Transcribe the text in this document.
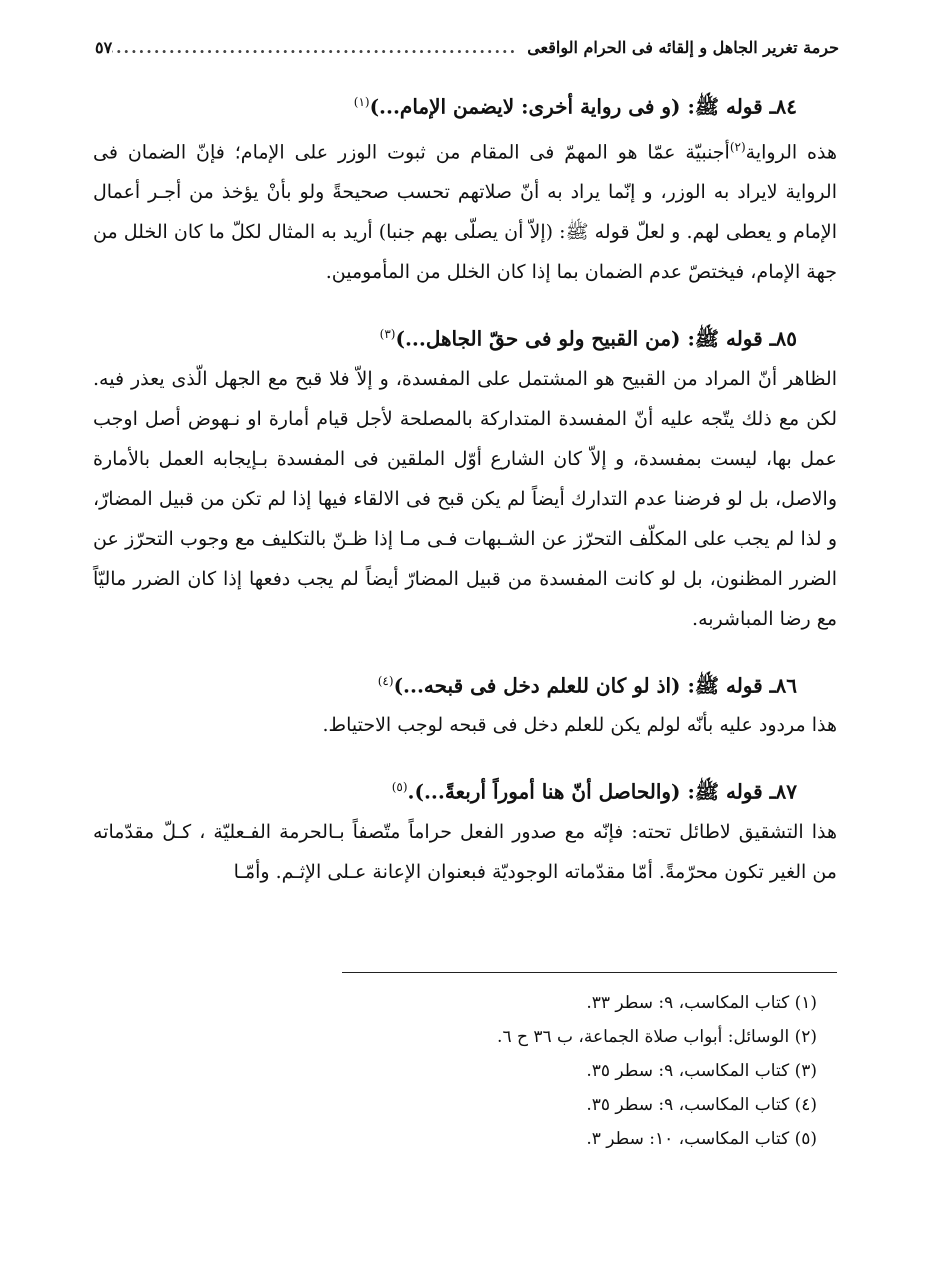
حرمة تغرير الجاهل و إلقائه فى الحرام الواقعى
.....
٥٧
٨٤ـ قوله ﷺ: (و فى رواية أخرى: لايضمن الإمام...)$^{(١)}$
هذه الرواية$^{(٢)}$أجنبيّة عمّا هو المهمّ فى المقام من ثبوت الوزر على الإمام؛ فإنّ الضمان فى الرواية لايراد به الوزر، و إنّما يراد به أنّ صلاتهم تحسب صحيحةً ولو بأنْ يؤخذ من أجـر أعمال الإمام و يعطى لهم. و لعلّ قوله ﷺ: (إلاّ أن يصلّى بهم جنبا) أريد به المثال لكلّ ما كان الخلل من جهة الإمام، فيختصّ عدم الضمان بما إذا كان الخلل من المأمومين.
٨٥ـ قوله ﷺ: (من القبيح ولو فى حقّ الجاهل...)$^{(٣)}$
الظاهر أنّ المراد من القبيح هو المشتمل على المفسدة، و إلاّ فلا قبح مع الجهل الّذى يعذر فيه. لكن مع ذلك يتّجه عليه أنّ المفسدة المتداركة بالمصلحة لأجل قيام أمارة او نـهوض أصل اوجب عمل بها، ليست بمفسدة، و إلاّ كان الشارع أوّل الملقين فى المفسدة بـإيجابه العمل بالأمارة والاصل، بل لو فرضنا عدم التدارك أيضاً لم يكن قبح فى الالقاء فيها إذا لم تكن من قبيل المضارّ، و لذا لم يجب على المكلّف التحرّز عن الشـبهات فـى مـا إذا ظـنّ بالتكليف مع وجوب التحرّز عن الضرر المظنون، بل لو كانت المفسدة من قبيل المضارّ أيضاً لم يجب دفعها إذا كان الضرر ماليّاً مع رضا المباشربه.
٨٦ـ قوله ﷺ: (اذ لو كان للعلم دخل فى قبحه...)$^{(٤)}$
هذا مردود عليه بأنّه لولم يكن للعلم دخل فى قبحه لوجب الاحتياط.
٨٧ـ قوله ﷺ: (والحاصل أنّ هنا أموراً أربعةً...).$^{(٥)}$
هذا التشقيق لاطائل تحته: فإنّه مع صدور الفعل حراماً متّصفاً بـالحرمة الفـعليّة ، كـلّ مقدّماته من الغير تكون محرّمةً. أمّا مقدّماته الوجوديّة فبعنوان الإعانة عـلى الإثـم. وأمّـا
(١) كتاب المكاسب، ٩: سطر ٣٣.
(٢) الوسائل: أبواب صلاة الجماعة، ب ٣٦ ح ٦.
(٣) كتاب المكاسب، ٩: سطر ٣٥.
(٤) كتاب المكاسب، ٩: سطر ٣٥.
(٥) كتاب المكاسب، ١٠: سطر ٣.
